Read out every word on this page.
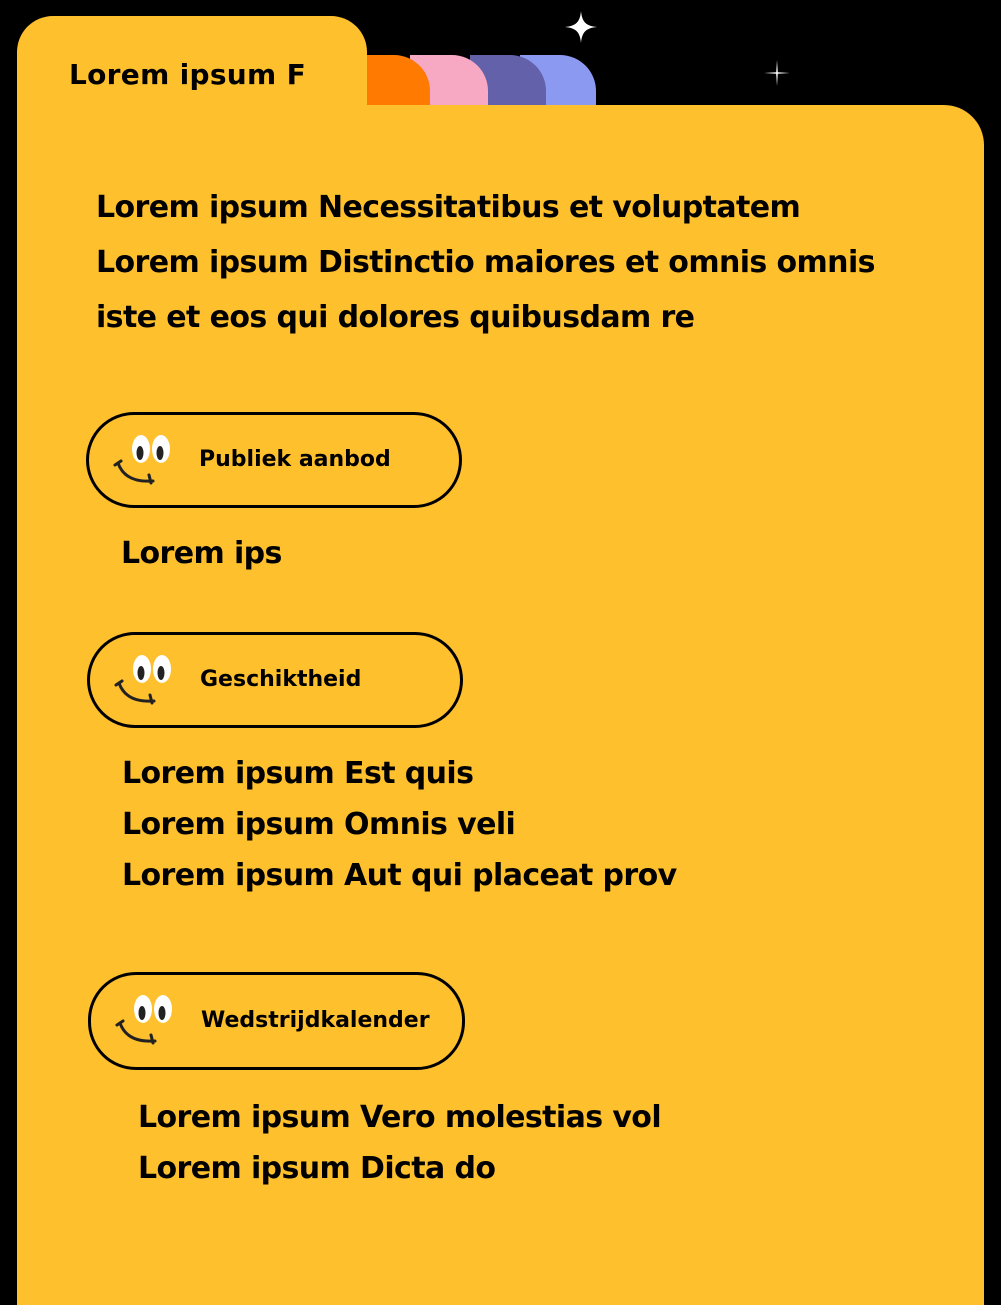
Lorem ipsum F
Lorem ipsum Necessitatibus et voluptatem
Lorem ipsum Distinctio maiores et omnis omnis
iste et eos qui dolores quibusdam re
Publiek aanbod
Lorem ips
Geschiktheid
Lorem ipsum Est quis
Lorem ipsum Omnis veli
Lorem ipsum Aut qui placeat prov
Wedstrijdkalender
Lorem ipsum Vero molestias vol
Lorem ipsum Dicta do
